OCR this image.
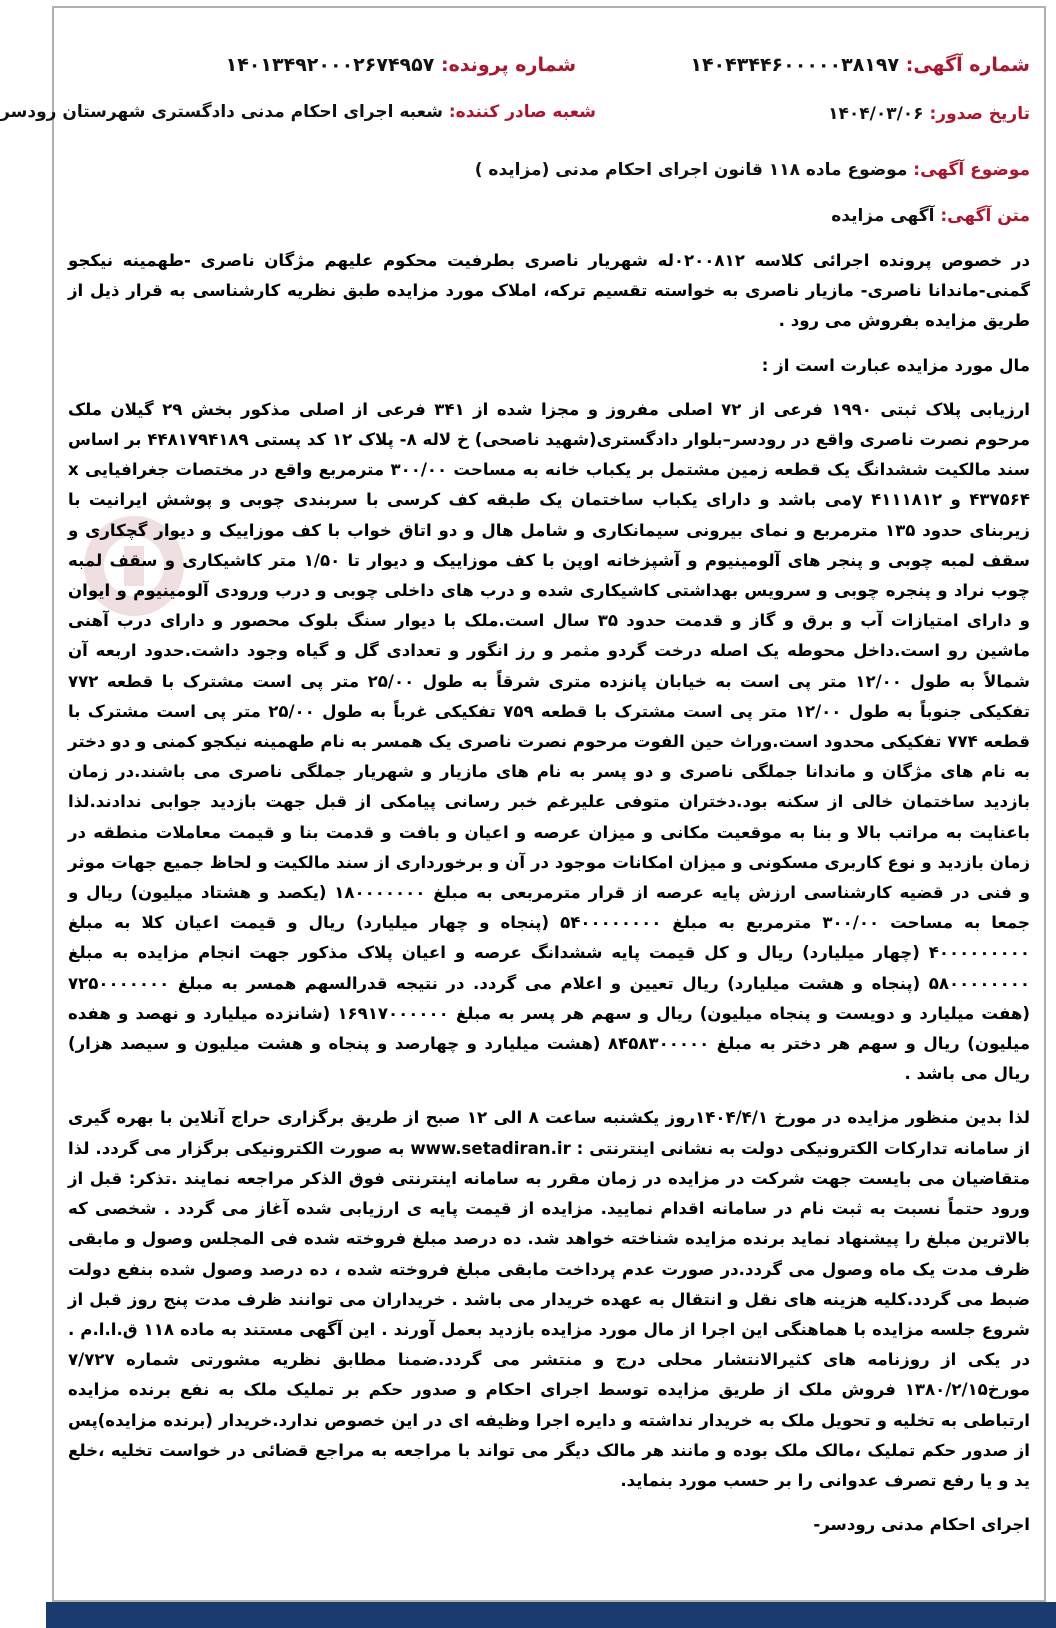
شماره آگهی: ۱۴۰۴۳۴۴۶۰۰۰۰۰۳۸۱۹۷
شماره پرونده: ۱۴۰۱۳۴۹۲۰۰۰۲۶۷۴۹۵۷
تاریخ صدور: ۱۴۰۴/۰۳/۰۶
شعبه صادر کننده: شعبه اجرای احکام مدنی دادگستری شهرستان رودسر
موضوع آگهی: موضوع ماده ۱۱۸ قانون اجرای احکام مدنی (مزایده )
متن آگهی: آگهی مزایده

در خصوص پرونده اجرائی کلاسه ۰۲۰۰۸۱۲له شهریار ناصری بطرفیت محکوم علیهم مژگان ناصری -طهمینه نیکجو گمنی-ماندانا ناصری- مازیار ناصری به خواسته تقسیم ترکه، املاک مورد مزایده طبق نظریه کارشناسی به قرار ذیل از طریق مزایده بفروش می رود .

مال مورد مزایده عبارت است از :

ارزیابی پلاک ثبتی ۱۹۹۰ فرعی از ۷۲ اصلی مفروز و مجزا شده از ۳۴۱ فرعی از اصلی مذکور بخش ۲۹ گیلان ملک مرحوم نصرت ناصری واقع در رودسر–بلوار دادگستری(شهید ناصحی) خ لاله ۸- پلاک ۱۲ کد پستی ۴۴۸۱۷۹۴۱۸۹ بر اساس سند مالکیت ششدانگ یک قطعه زمین مشتمل بر یکباب خانه به مساحت ۳۰۰/۰۰ مترمربع واقع در مختصات جغرافیایی x ۴۳۷۵۶۴ و y ۴۱۱۱۸۱۲می باشد و دارای یکباب ساختمان یک طبقه کف کرسی با سربندی چوبی و پوشش ایرانیت با زیربنای حدود ۱۳۵ مترمربع و نمای بیرونی سیمانکاری و شامل هال و دو اتاق خواب با کف موزاییک و دیوار گچکاری و سقف لمبه چوبی و پنجر های آلومینیوم و آشپزخانه اوپن با کف موزاییک و دیوار تا ۱/۵۰ متر کاشیکاری و سقف لمبه چوب نراد و پنجره چوبی و سرویس بهداشتی کاشیکاری شده و درب های داخلی چوبی و درب ورودی آلومینیوم و ایوان و دارای امتیازات آب و برق و گاز و قدمت حدود ۳۵ سال است.ملک با دیوار سنگ بلوک محصور و دارای درب آهنی ماشین رو است.داخل محوطه یک اصله درخت گردو مثمر و رز انگور و تعدادی گل و گیاه وجود داشت.حدود اربعه آن شمالاً به طول ۱۲/۰۰ متر پی است به خیابان پانزده متری شرقاً به طول ۲۵/۰۰ متر پی است مشترک با قطعه ۷۷۲ تفکیکی جنوباً به طول ۱۲/۰۰ متر پی است مشترک با قطعه ۷۵۹ تفکیکی غرباً به طول ۲۵/۰۰ متر پی است مشترک با قطعه ۷۷۴ تفکیکی محدود است.وراث حین الفوت مرحوم نصرت ناصری یک همسر به نام طهمینه نیکجو کمنی و دو دختر به نام های مژگان و ماندانا جملگی ناصری و دو پسر به نام های مازیار و شهریار جملگی ناصری می باشند.در زمان بازدید ساختمان خالی از سکنه بود.دختران متوفی علیرغم خبر رسانی پیامکی از قبل جهت بازدید جوابی ندادند.لذا باعنایت به مراتب بالا و بنا به موقعیت مکانی و میزان عرصه و اعیان و بافت و قدمت بنا و قیمت معاملات منطقه در زمان بازدید و نوع کاربری مسکونی و میزان امکانات موجود در آن و برخورداری از سند مالکیت و لحاظ جمیع جهات موثر و فنی در قضیه کارشناسی ارزش پایه عرصه از قرار مترمربعی به مبلغ ۱۸۰۰۰۰۰۰۰ (یکصد و هشتاد میلیون) ریال و جمعا به مساحت ۳۰۰/۰۰ مترمربع به مبلغ ۵۴۰۰۰۰۰۰۰۰ (پنجاه و چهار میلیارد) ریال و قیمت اعیان کلا به مبلغ ۴۰۰۰۰۰۰۰۰۰ (چهار میلیارد) ریال و کل قیمت پایه ششدانگ عرصه و اعیان پلاک مذکور جهت انجام مزایده به مبلغ ۵۸۰۰۰۰۰۰۰۰ (پنجاه و هشت میلیارد) ریال تعیین و اعلام می گردد. در نتیجه قدرالسهم همسر به مبلغ ۷۲۵۰۰۰۰۰۰۰ (هفت میلیارد و دویست و پنجاه میلیون) ریال و سهم هر پسر به مبلغ ۱۶۹۱۷۰۰۰۰۰۰ (شانزده میلیارد و نهصد و هفده میلیون) ریال و سهم هر دختر به مبلغ ۸۴۵۸۳۰۰۰۰۰ (هشت میلیارد و چهارصد و پنجاه و هشت میلیون و سیصد هزار) ریال می باشد .

لذا بدین منظور مزایده در مورخ ۱۴۰۴/۴/۱روز یکشنبه ساعت ۸ الی ۱۲ صبح از طریق برگزاری حراج آنلاین با بهره گیری از سامانه تدارکات الکترونیکی دولت به نشانی اینترنتی : www.setadiran.ir به صورت الکترونیکی برگزار می گردد. لذا متقاضیان می بایست جهت شرکت در مزایده در زمان مقرر به سامانه اینترنتی فوق الذکر مراجعه نمایند .تذکر: قبل از ورود حتماً نسبت به ثبت نام در سامانه اقدام نمایید. مزایده از قیمت پایه ی ارزیابی شده آغاز می گردد . شخصی که بالاترین مبلغ را پیشنهاد نماید برنده مزایده شناخته خواهد شد. ده درصد مبلغ فروخته شده فی المجلس وصول و مابقی ظرف مدت یک ماه وصول می گردد.در صورت عدم پرداخت مابقی مبلغ فروخته شده ، ده درصد وصول شده بنفع دولت ضبط می گردد.کلیه هزینه های نقل و انتقال به عهده خریدار می باشد . خریداران می توانند ظرف مدت پنج روز قبل از شروع جلسه مزایده با هماهنگی این اجرا از مال مورد مزایده بازدید بعمل آورند . این آگهی مستند به ماده ۱۱۸ ق.ا.ا.م . در یکی از روزنامه های کثیرالانتشار محلی درج و منتشر می گردد.ضمنا مطابق نظریه مشورتی شماره ۷/۷۲۷ مورخ۱۳۸۰/۲/۱۵ فروش ملک از طریق مزایده توسط اجرای احکام و صدور حکم بر تملیک ملک به نفع برنده مزایده ارتباطی به تخلیه و تحویل ملک به خریدار نداشته و دایره اجرا وظیفه ای در این خصوص ندارد.خریدار (برنده مزایده)پس از صدور حکم تملیک ،مالک ملک بوده و مانند هر مالک دیگر می تواند با مراجعه به مراجع قضائی در خواست تخلیه ،خلع ید و یا رفع تصرف عدوانی را بر حسب مورد بنماید.

اجرای احکام مدنی رودسر-
